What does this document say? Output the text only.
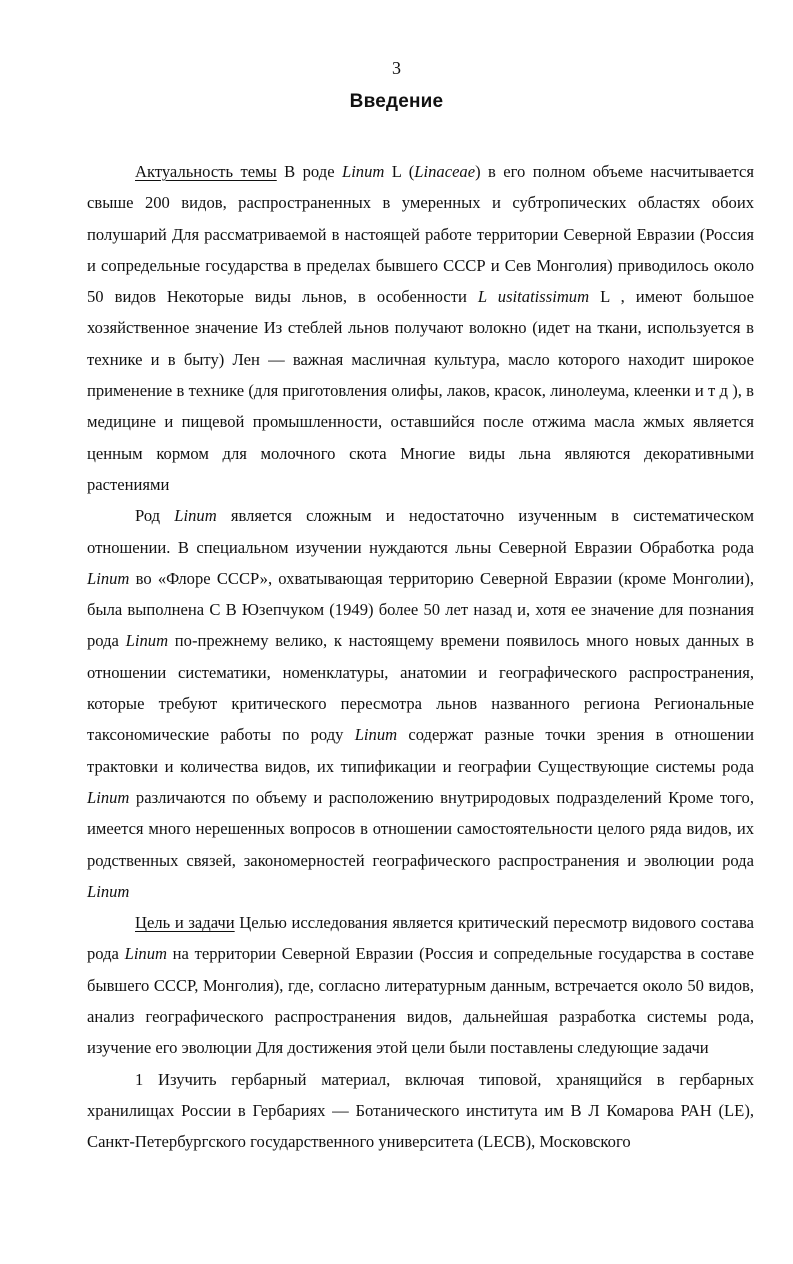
3
Введение

Актуальность темы В роде Linum L (Linaceae) в его полном объеме насчитывается свыше 200 видов, распространенных в умеренных и субтропических областях обоих полушарий Для рассматриваемой в настоящей работе территории Северной Евразии (Россия и сопредельные государства в пределах бывшего СССР и Сев Монголия) приводилось около 50 видов Некоторые виды льнов, в особенности L usitatissimum L , имеют большое хозяйственное значение Из стеблей льнов получают волокно (идет на ткани, используется в технике и в быту) Лен — важная масличная культура, масло которого находит широкое применение в технике (для приготовления олифы, лаков, красок, линолеума, клеенки и т д ), в медицине и пищевой промышленности, оставшийся после отжима масла жмых является ценным кормом для молочного скота Многие виды льна являются декоративными растениями

Род Linum является сложным и недостаточно изученным в систематическом отношении. В специальном изучении нуждаются льны Северной Евразии Обработка рода Linum во «Флоре СССР», охватывающая территорию Северной Евразии (кроме Монголии), была выполнена С В Юзепчуком (1949) более 50 лет назад и, хотя ее значение для познания рода Linum по-прежнему велико, к настоящему времени появилось много новых данных в отношении систематики, номенклатуры, анатомии и географического распространения, которые требуют критического пересмотра льнов названного региона Региональные таксономические работы по роду Linum содержат разные точки зрения в отношении трактовки и количества видов, их типификации и географии Существующие системы рода Linum различаются по объему и расположению внутриродовых подразделений Кроме того, имеется много нерешенных вопросов в отношении самостоятельности целого ряда видов, их родственных связей, закономерностей географического распространения и эволюции рода Linum

Цель и задачи Целью исследования является критический пересмотр видового состава рода Linum на территории Северной Евразии (Россия и сопредельные государства в составе бывшего СССР, Монголия), где, согласно литературным данным, встречается около 50 видов, анализ географического распространения видов, дальнейшая разработка системы рода, изучение его эволюции Для достижения этой цели были поставлены следующие задачи

1 Изучить гербарный материал, включая типовой, хранящийся в гербарных хранилищах России в Гербариях — Ботанического института им В Л Комарова РАН (LE), Санкт-Петербургского государственного университета (LECB), Московского
